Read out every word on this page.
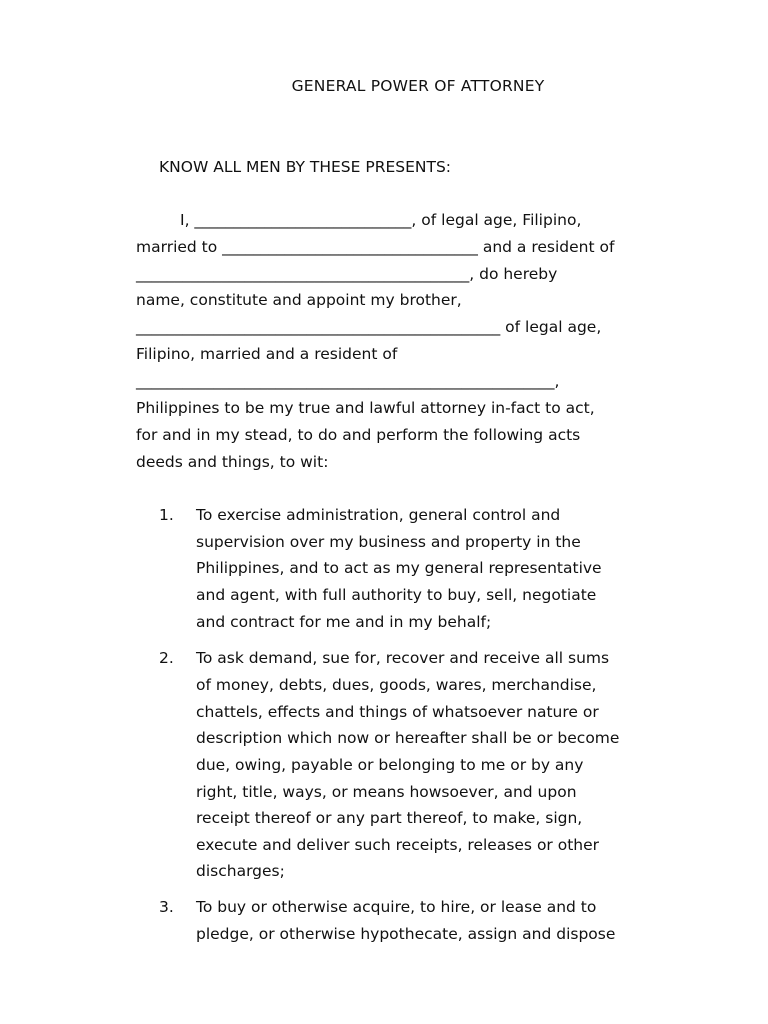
GENERAL POWER OF ATTORNEY
KNOW ALL MEN BY THESE PRESENTS:
I, ____________________________, of legal age, Filipino,
married to _________________________________ and a resident of
___________________________________________, do hereby
name, constitute and appoint my brother,
_______________________________________________ of legal age,
Filipino, married and a resident of
______________________________________________________,
Philippines to be my true and lawful attorney in-fact to act,
for and in my stead, to do and perform the following acts
deeds and things, to wit:
1. To exercise administration, general control and
supervision over my business and property in the
Philippines, and to act as my general representative
and agent, with full authority to buy, sell, negotiate
and contract for me and in my behalf;
2. To ask demand, sue for, recover and receive all sums
of money, debts, dues, goods, wares, merchandise,
chattels, effects and things of whatsoever nature or
description which now or hereafter shall be or become
due, owing, payable or belonging to me or by any
right, title, ways, or means howsoever, and upon
receipt thereof or any part thereof, to make, sign,
execute and deliver such receipts, releases or other
discharges;
3. To buy or otherwise acquire, to hire, or lease and to
pledge, or otherwise hypothecate, assign and dispose
